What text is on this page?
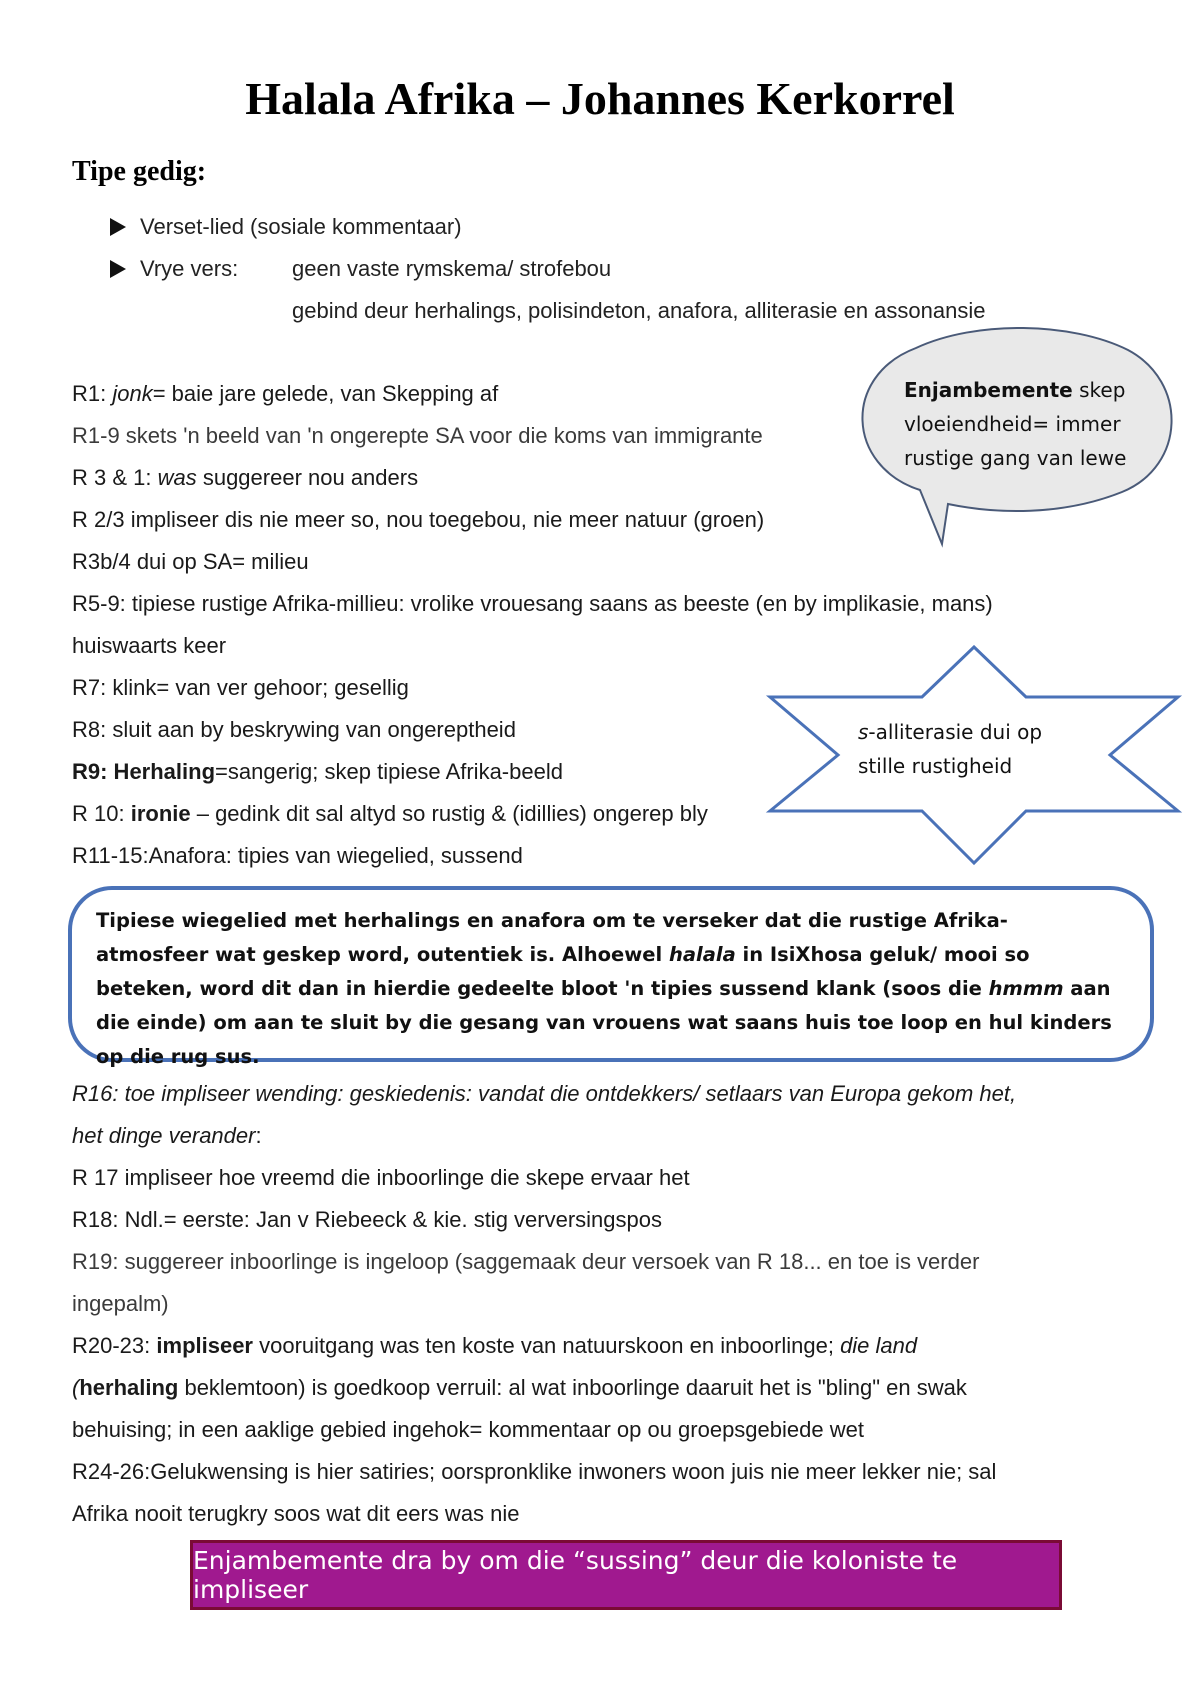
Halala Afrika – Johannes Kerkorrel
Tipe gedig:
Verset-lied (sosiale kommentaar)
Vrye vers: geen vaste rymskema/ strofebou
gebind deur herhalings, polisindeton, anafora, alliterasie en assonansie
Enjambemente skep
vloeiendheid= immer
rustige gang van lewe
s-alliterasie dui op
stille rustigheid
Tipiese wiegelied met herhalings en anafora om te verseker dat die rustige Afrika-atmosfeer wat geskep word, outentiek is. Alhoewel halala in IsiXhosa geluk/ mooi so beteken, word dit dan in hierdie gedeelte bloot 'n tipies sussend klank (soos die hmmm aan die einde) om aan te sluit by die gesang van vrouens wat saans huis toe loop en hul kinders op die rug sus.
R1: jonk= baie jare gelede, van Skepping af
R1-9 skets 'n beeld van 'n ongerepte SA voor die koms van immigrante
R 3 & 1: was suggereer nou anders
R 2/3 impliseer dis nie meer so, nou toegebou, nie meer natuur (groen)
R3b/4 dui op SA= milieu
R5-9: tipiese rustige Afrika-millieu: vrolike vrouesang saans as beeste (en by implikasie, mans)
huiswaarts keer
R7: klink= van ver gehoor; gesellig
R8: sluit aan by beskrywing van ongereptheid
R9: Herhaling=sangerig; skep tipiese Afrika-beeld
R 10: ironie – gedink dit sal altyd so rustig & (idillies) ongerep bly
R11-15:Anafora: tipies van wiegelied, sussend
R16: toe impliseer wending: geskiedenis: vandat die ontdekkers/ setlaars van Europa gekom het,
het dinge verander:
R 17 impliseer hoe vreemd die inboorlinge die skepe ervaar het
R18: Ndl.= eerste: Jan v Riebeeck & kie. stig verversingspos
R19: suggereer inboorlinge is ingeloop (saggemaak deur versoek van R 18... en toe is verder
ingepalm)
R20-23: impliseer vooruitgang was ten koste van natuurskoon en inboorlinge; die land
(herhaling beklemtoon) is goedkoop verruil: al wat inboorlinge daaruit het is "bling" en swak
behuising; in een aaklige gebied ingehok= kommentaar op ou groepsgebiede wet
R24-26:Gelukwensing is hier satiries; oorspronklike inwoners woon juis nie meer lekker nie; sal
Afrika nooit terugkry soos wat dit eers was nie
Enjambemente dra by om die “sussing” deur die koloniste te impliseer
